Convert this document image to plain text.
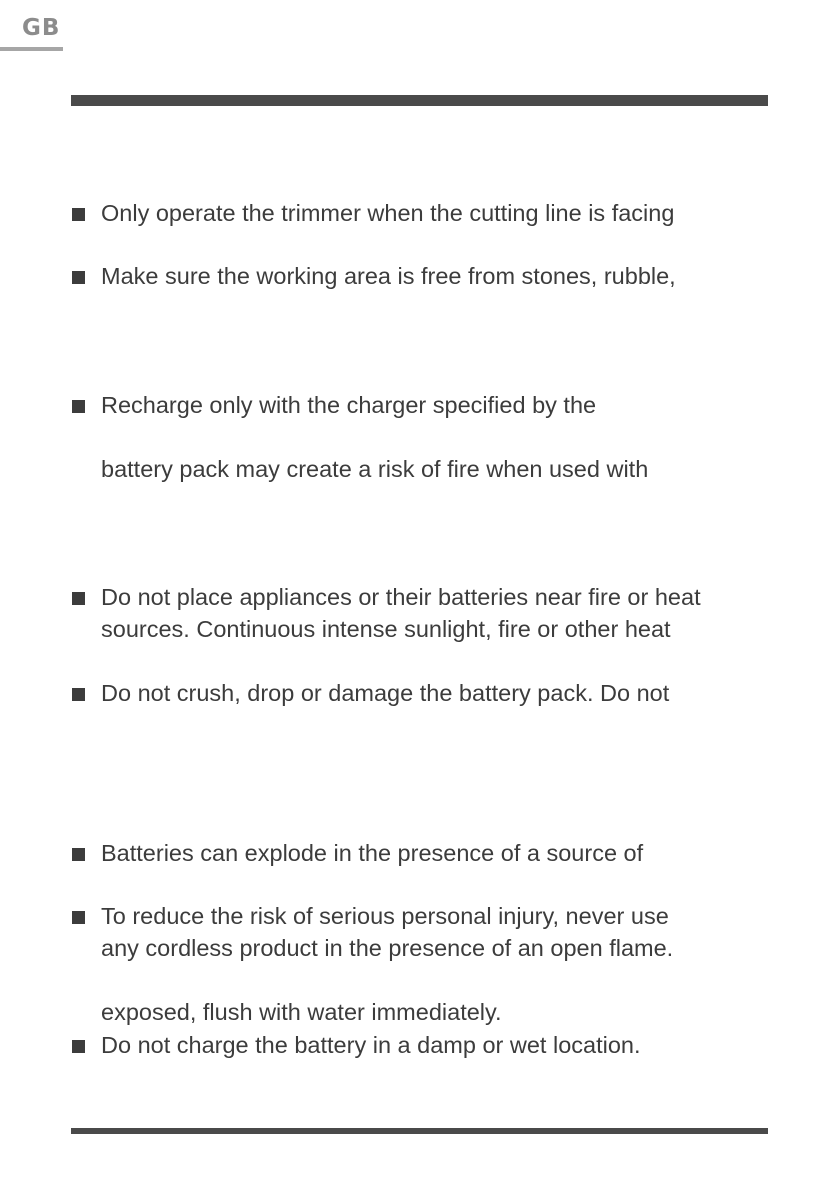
GB
Only operate the trimmer when the cutting line is facing
Make sure the working area is free from stones, rubble,
Recharge only with the charger specified by the
battery pack may create a risk of fire when used with
Do not place appliances or their batteries near fire or heat
sources. Continuous intense sunlight, fire or other heat
Do not crush, drop or damage the battery pack. Do not
Batteries can explode in the presence of a source of
To reduce the risk of serious personal injury, never use
any cordless product in the presence of an open flame.
exposed, flush with water immediately.
Do not charge the battery in a damp or wet location.
